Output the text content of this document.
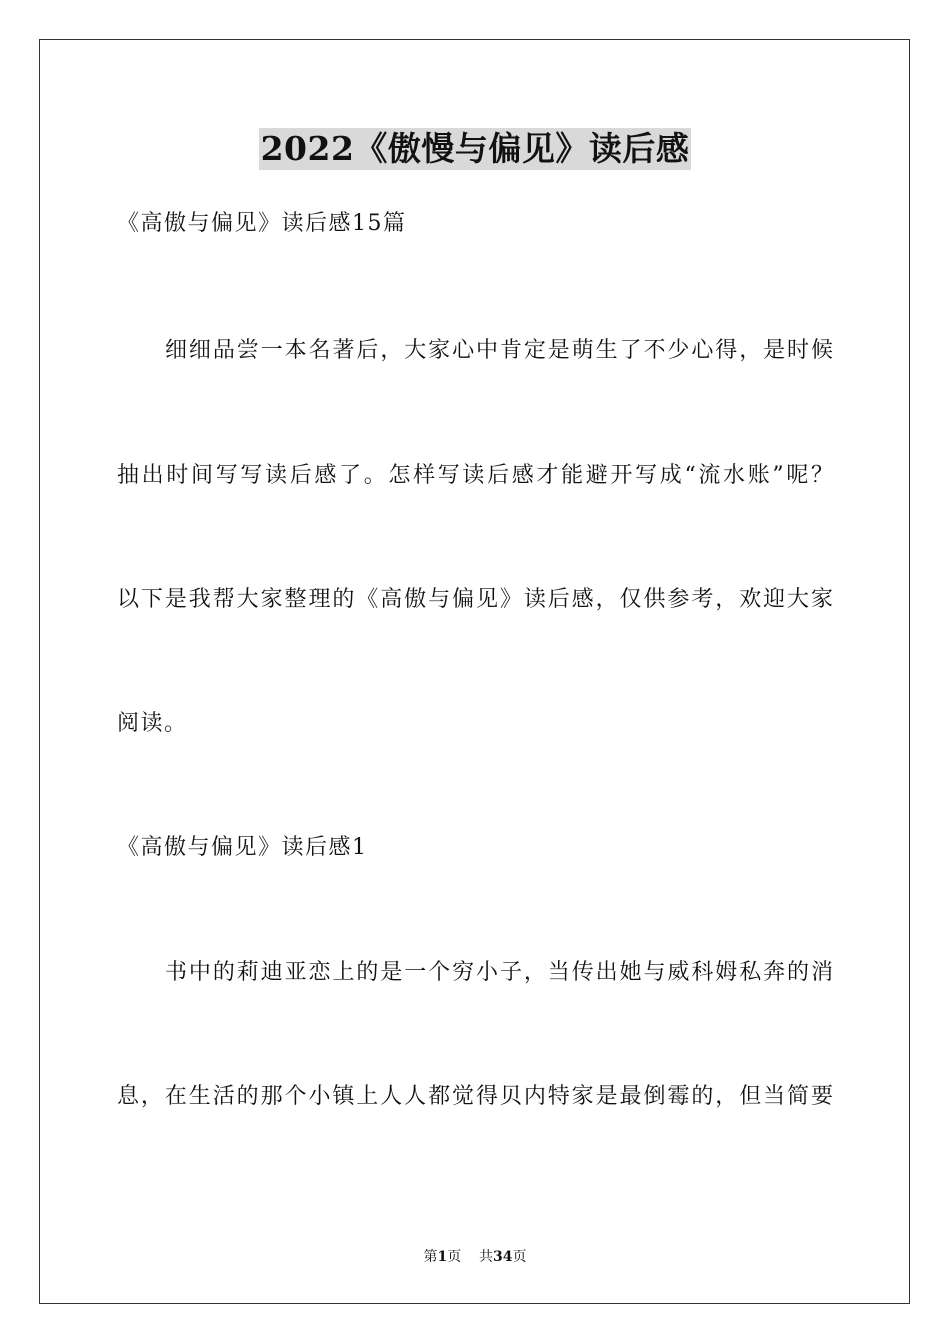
2022《傲慢与偏见》读后感
《高傲与偏见》读后感15篇
细细品尝一本名著后，大家心中肯定是萌生了不少心得，是时候
抽出时间写写读后感了。怎样写读后感才能避开写成“流水账”呢？
以下是我帮大家整理的《高傲与偏见》读后感，仅供参考，欢迎大家
阅读。
《高傲与偏见》读后感1
书中的莉迪亚恋上的是一个穷小子，当传出她与威科姆私奔的消
息，在生活的那个小镇上人人都觉得贝内特家是最倒霉的，但当简要
第1页 共34页
